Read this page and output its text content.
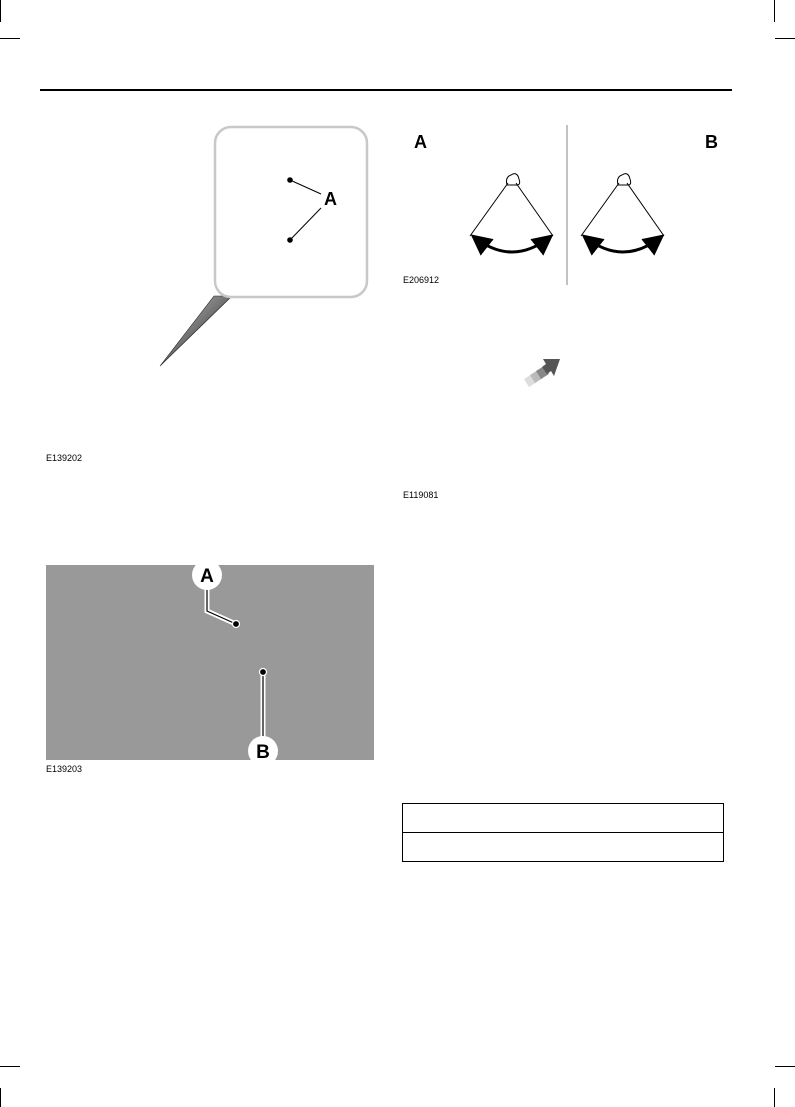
A
E139202
A
B
E139203
A	B
E206912
E119081
